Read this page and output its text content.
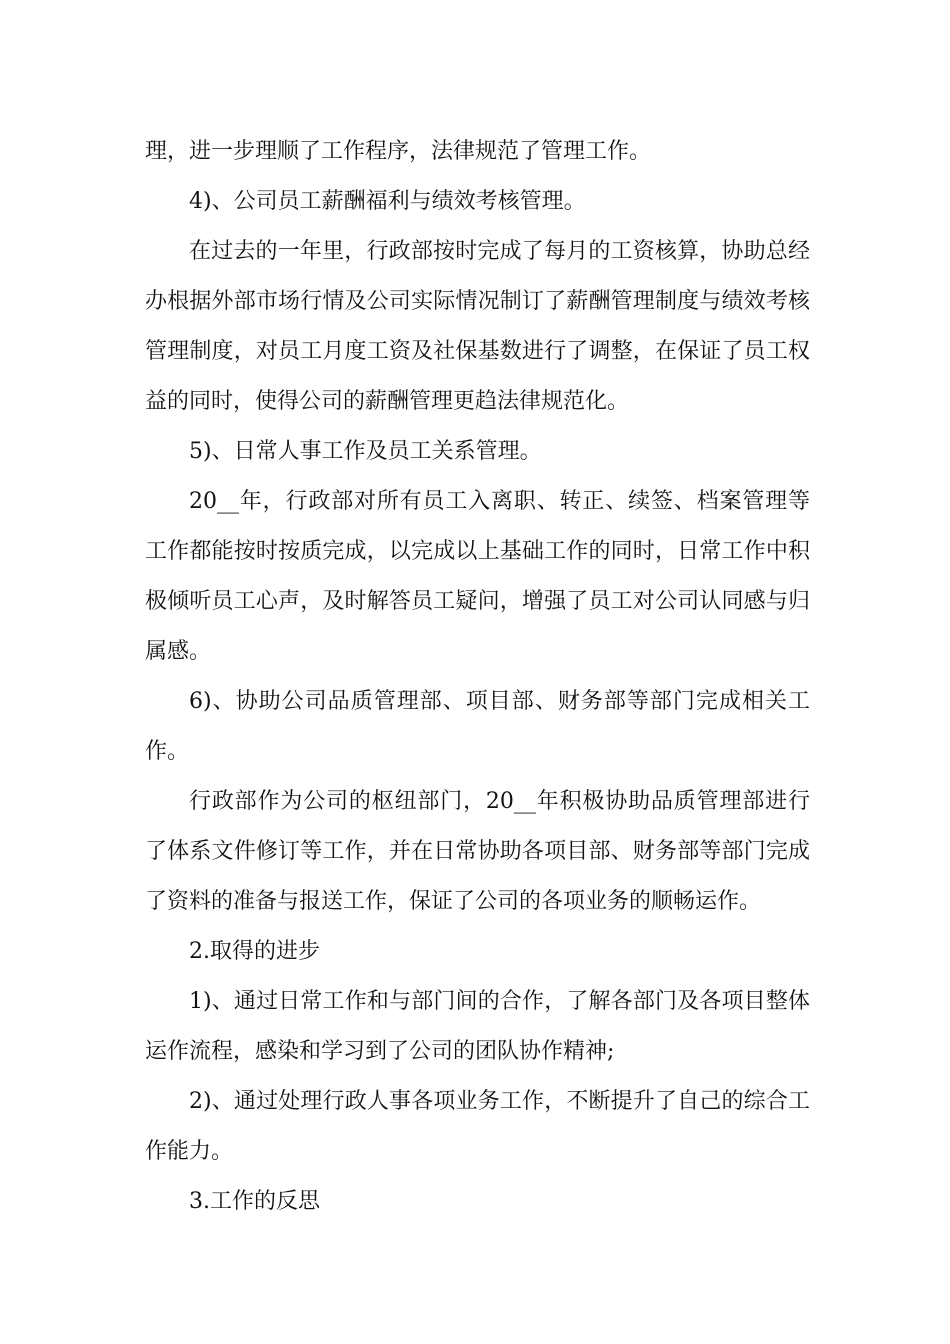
理，进一步理顺了工作程序，法律规范了管理工作。

4)、公司员工薪酬福利与绩效考核管理。

在过去的一年里，行政部按时完成了每月的工资核算，协助总经办根据外部市场行情及公司实际情况制订了薪酬管理制度与绩效考核管理制度，对员工月度工资及社保基数进行了调整，在保证了员工权益的同时，使得公司的薪酬管理更趋法律规范化。

5)、日常人事工作及员工关系管理。

20__年，行政部对所有员工入离职、转正、续签、档案管理等工作都能按时按质完成，以完成以上基础工作的同时，日常工作中积极倾听员工心声，及时解答员工疑问，增强了员工对公司认同感与归属感。

6)、协助公司品质管理部、项目部、财务部等部门完成相关工作。

行政部作为公司的枢纽部门，20__年积极协助品质管理部进行了体系文件修订等工作，并在日常协助各项目部、财务部等部门完成了资料的准备与报送工作，保证了公司的各项业务的顺畅运作。

2.取得的进步

1)、通过日常工作和与部门间的合作，了解各部门及各项目整体运作流程，感染和学习到了公司的团队协作精神;

2)、通过处理行政人事各项业务工作，不断提升了自己的综合工作能力。

3.工作的反思
